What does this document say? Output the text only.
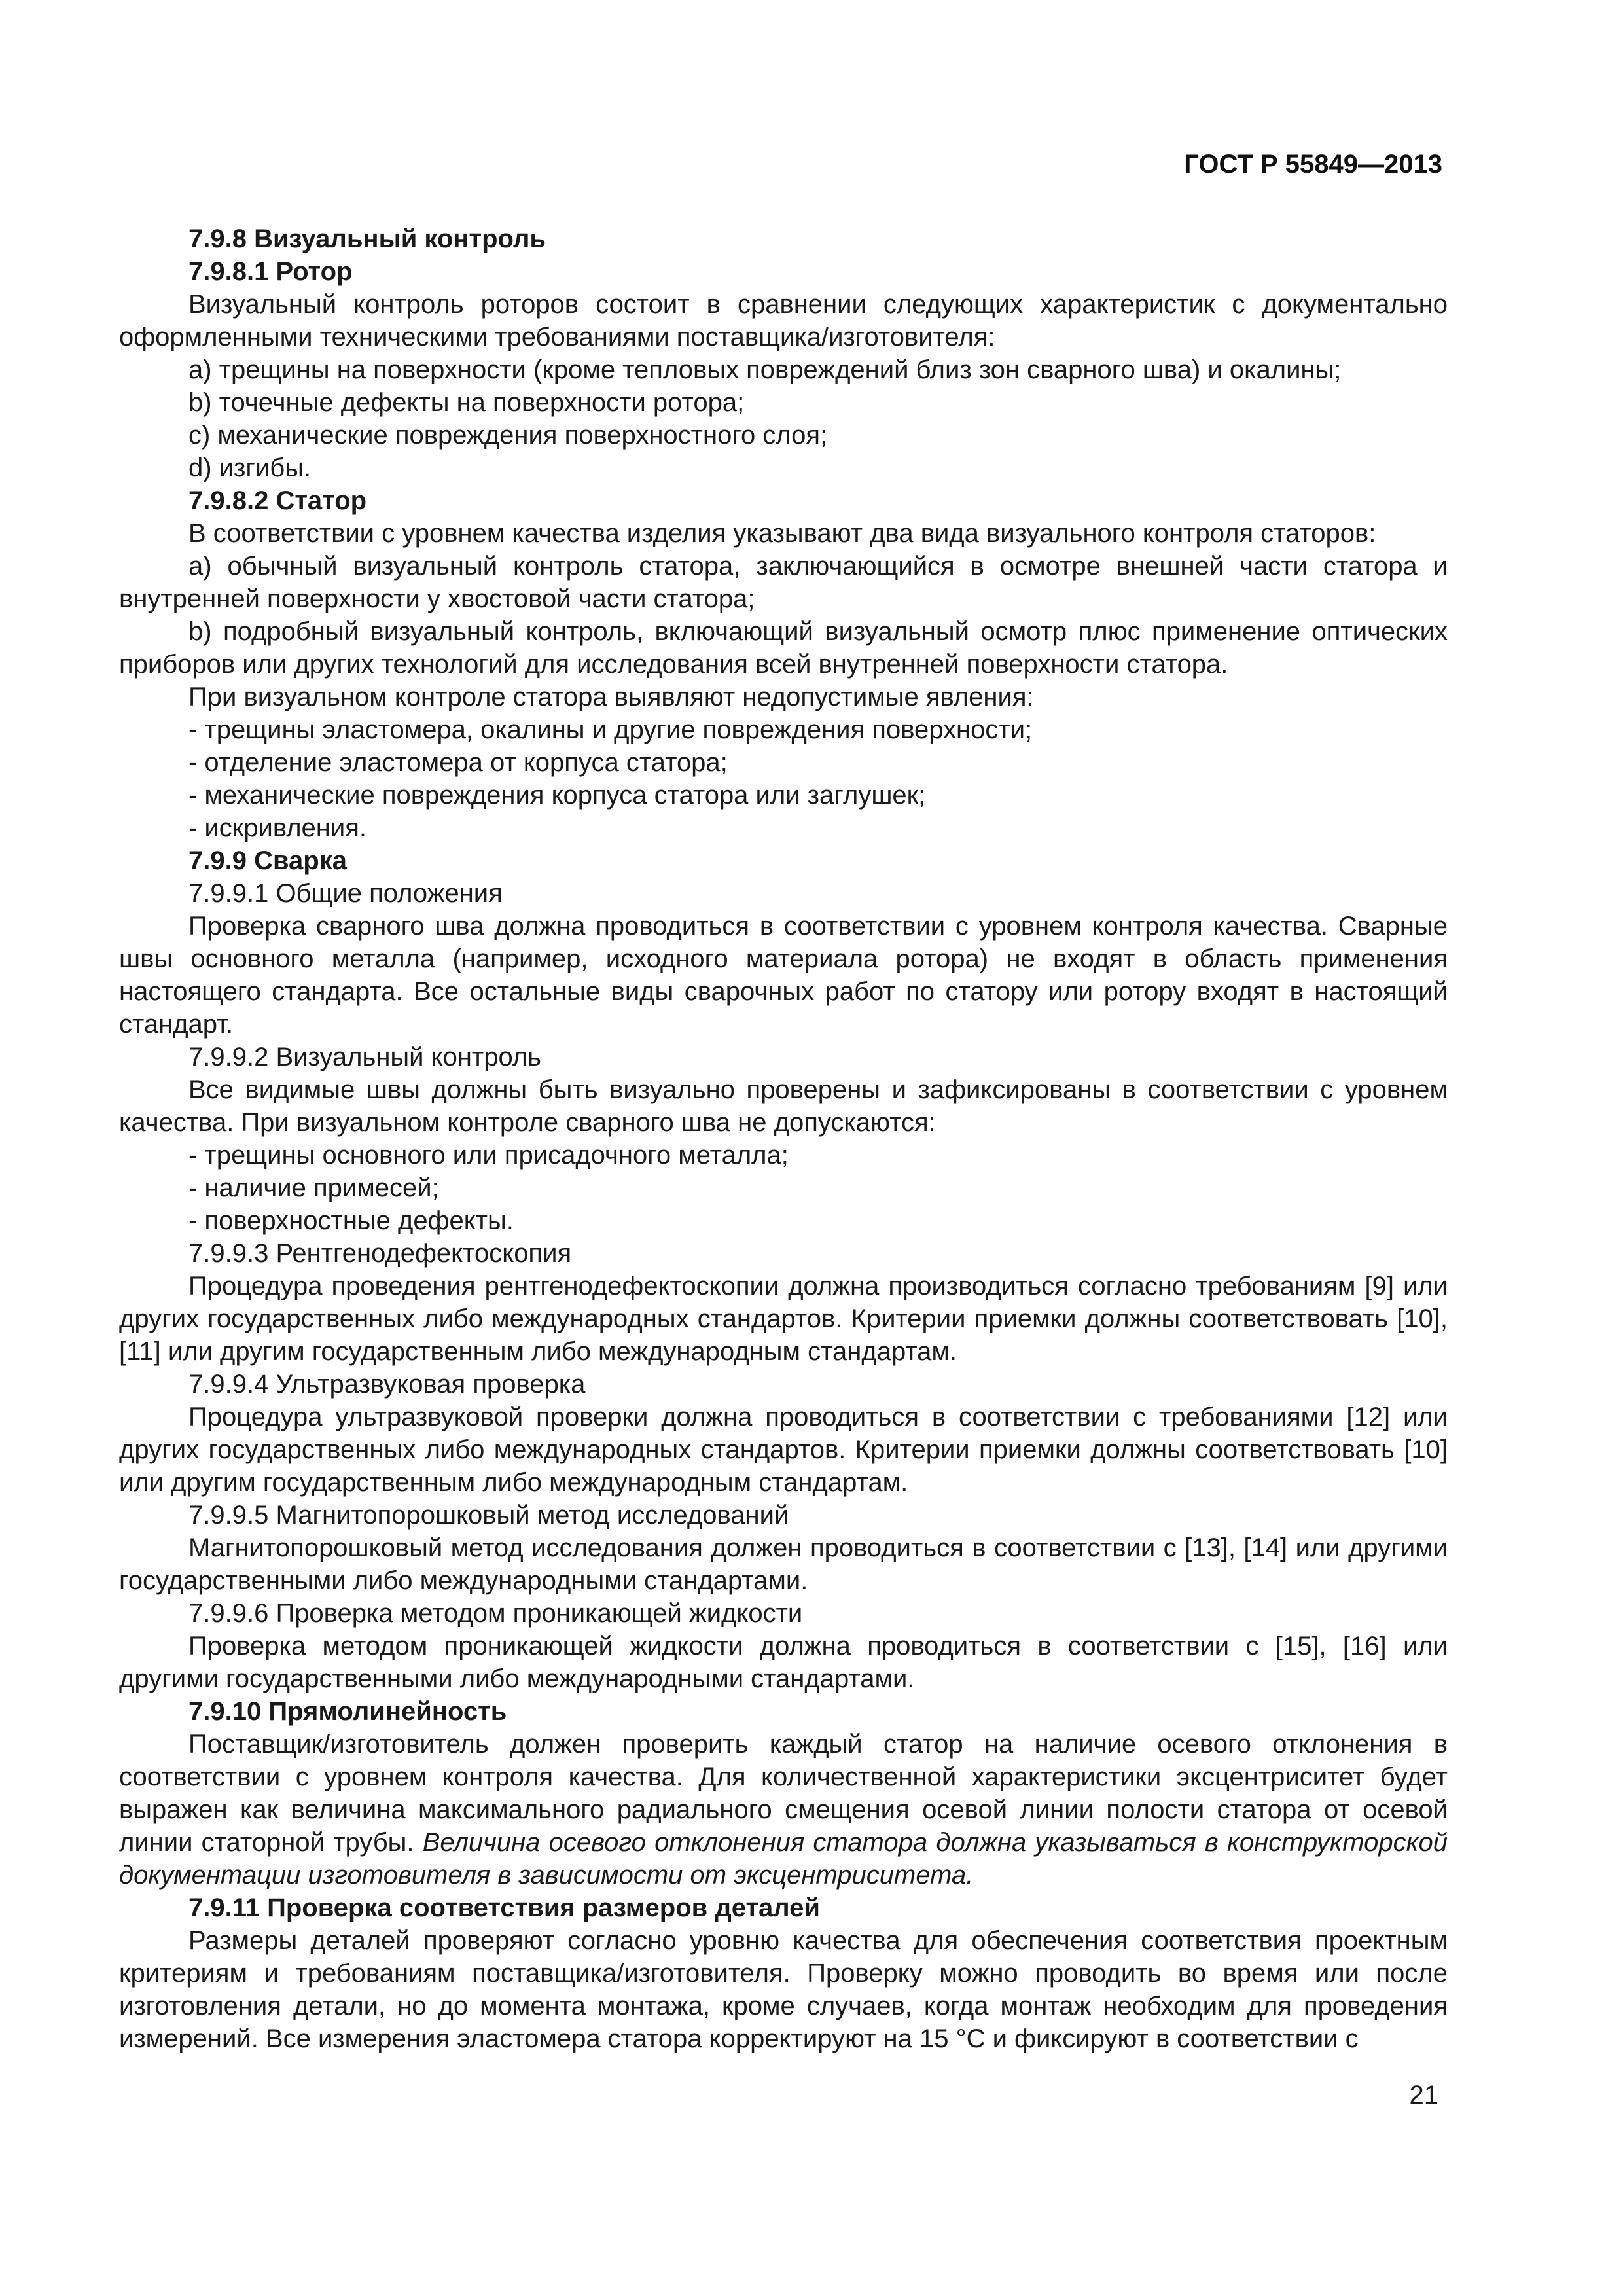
ГОСТ Р 55849—2013

7.9.8 Визуальный контроль

7.9.8.1 Ротор

Визуальный контроль роторов состоит в сравнении следующих характеристик с документально оформленными техническими требованиями поставщика/изготовителя:

a) трещины на поверхности (кроме тепловых повреждений близ зон сварного шва) и окалины;

b) точечные дефекты на поверхности ротора;

c) механические повреждения поверхностного слоя;

d) изгибы.

7.9.8.2 Статор

В соответствии с уровнем качества изделия указывают два вида визуального контроля статоров:

a) обычный визуальный контроль статора, заключающийся в осмотре внешней части статора и внутренней поверхности у хвостовой части статора;

b) подробный визуальный контроль, включающий визуальный осмотр плюс применение оптических приборов или других технологий для исследования всей внутренней поверхности статора.

При визуальном контроле статора выявляют недопустимые явления:

- трещины эластомера, окалины и другие повреждения поверхности;

- отделение эластомера от корпуса статора;

- механические повреждения корпуса статора или заглушек;

- искривления.

7.9.9 Сварка

7.9.9.1 Общие положения

Проверка сварного шва должна проводиться в соответствии с уровнем контроля качества. Сварные швы основного металла (например, исходного материала ротора) не входят в область применения настоящего стандарта. Все остальные виды сварочных работ по статору или ротору входят в настоящий стандарт.

7.9.9.2 Визуальный контроль

Все видимые швы должны быть визуально проверены и зафиксированы в соответствии с уровнем качества. При визуальном контроле сварного шва не допускаются:

- трещины основного или присадочного металла;

- наличие примесей;

- поверхностные дефекты.

7.9.9.3 Рентгенодефектоскопия

Процедура проведения рентгенодефектоскопии должна производиться согласно требованиям [9] или других государственных либо международных стандартов. Критерии приемки должны соответствовать [10], [11] или другим государственным либо международным стандартам.

7.9.9.4 Ультразвуковая проверка

Процедура ультразвуковой проверки должна проводиться в соответствии с требованиями [12] или других государственных либо международных стандартов. Критерии приемки должны соответствовать [10] или другим государственным либо международным стандартам.

7.9.9.5 Магнитопорошковый метод исследований

Магнитопорошковый метод исследования должен проводиться в соответствии с [13], [14] или другими государственными либо международными стандартами.

7.9.9.6 Проверка методом проникающей жидкости

Проверка методом проникающей жидкости должна проводиться в соответствии с [15], [16] или другими государственными либо международными стандартами.

7.9.10 Прямолинейность

Поставщик/изготовитель должен проверить каждый статор на наличие осевого отклонения в соответствии с уровнем контроля качества. Для количественной характеристики эксцентриситет будет выражен как величина максимального радиального смещения осевой линии полости статора от осевой линии статорной трубы. Величина осевого отклонения статора должна указываться в конструкторской документации изготовителя в зависимости от эксцентриситета.

7.9.11 Проверка соответствия размеров деталей

Размеры деталей проверяют согласно уровню качества для обеспечения соответствия проектным критериям и требованиям поставщика/изготовителя. Проверку можно проводить во время или после изготовления детали, но до момента монтажа, кроме случаев, когда монтаж необходим для проведения измерений. Все измерения эластомера статора корректируют на 15 °С и фиксируют в соответствии с

21
